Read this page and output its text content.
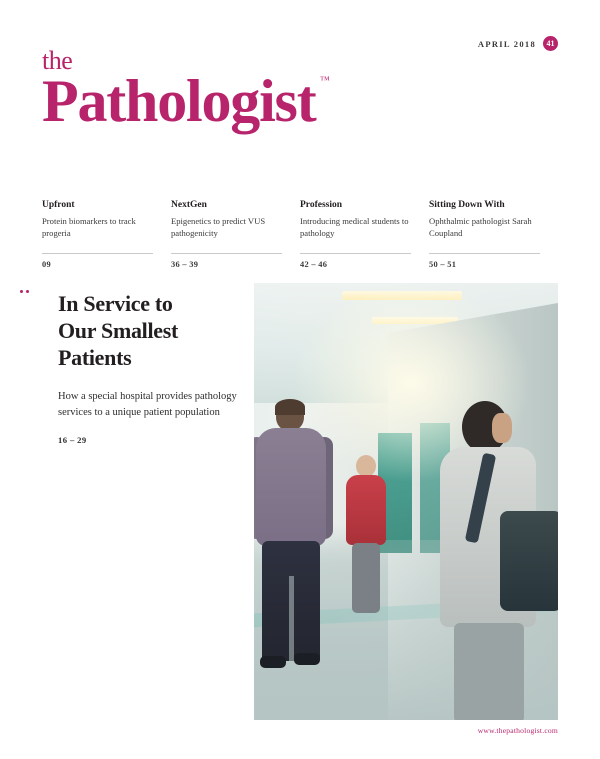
APRIL 2018 41
the
Pathologist ™
Upfront
Protein biomarkers to track progeria
09
NextGen
Epigenetics to predict VUS pathogenicity
36 – 39
Profession
Introducing medical students to pathology
42 – 46
Sitting Down With
Ophthalmic pathologist Sarah Coupland
50 – 51
In Service to
Our Smallest
Patients
How a special hospital provides pathology services to a unique patient population
16 – 29
www.thepathologist.com
